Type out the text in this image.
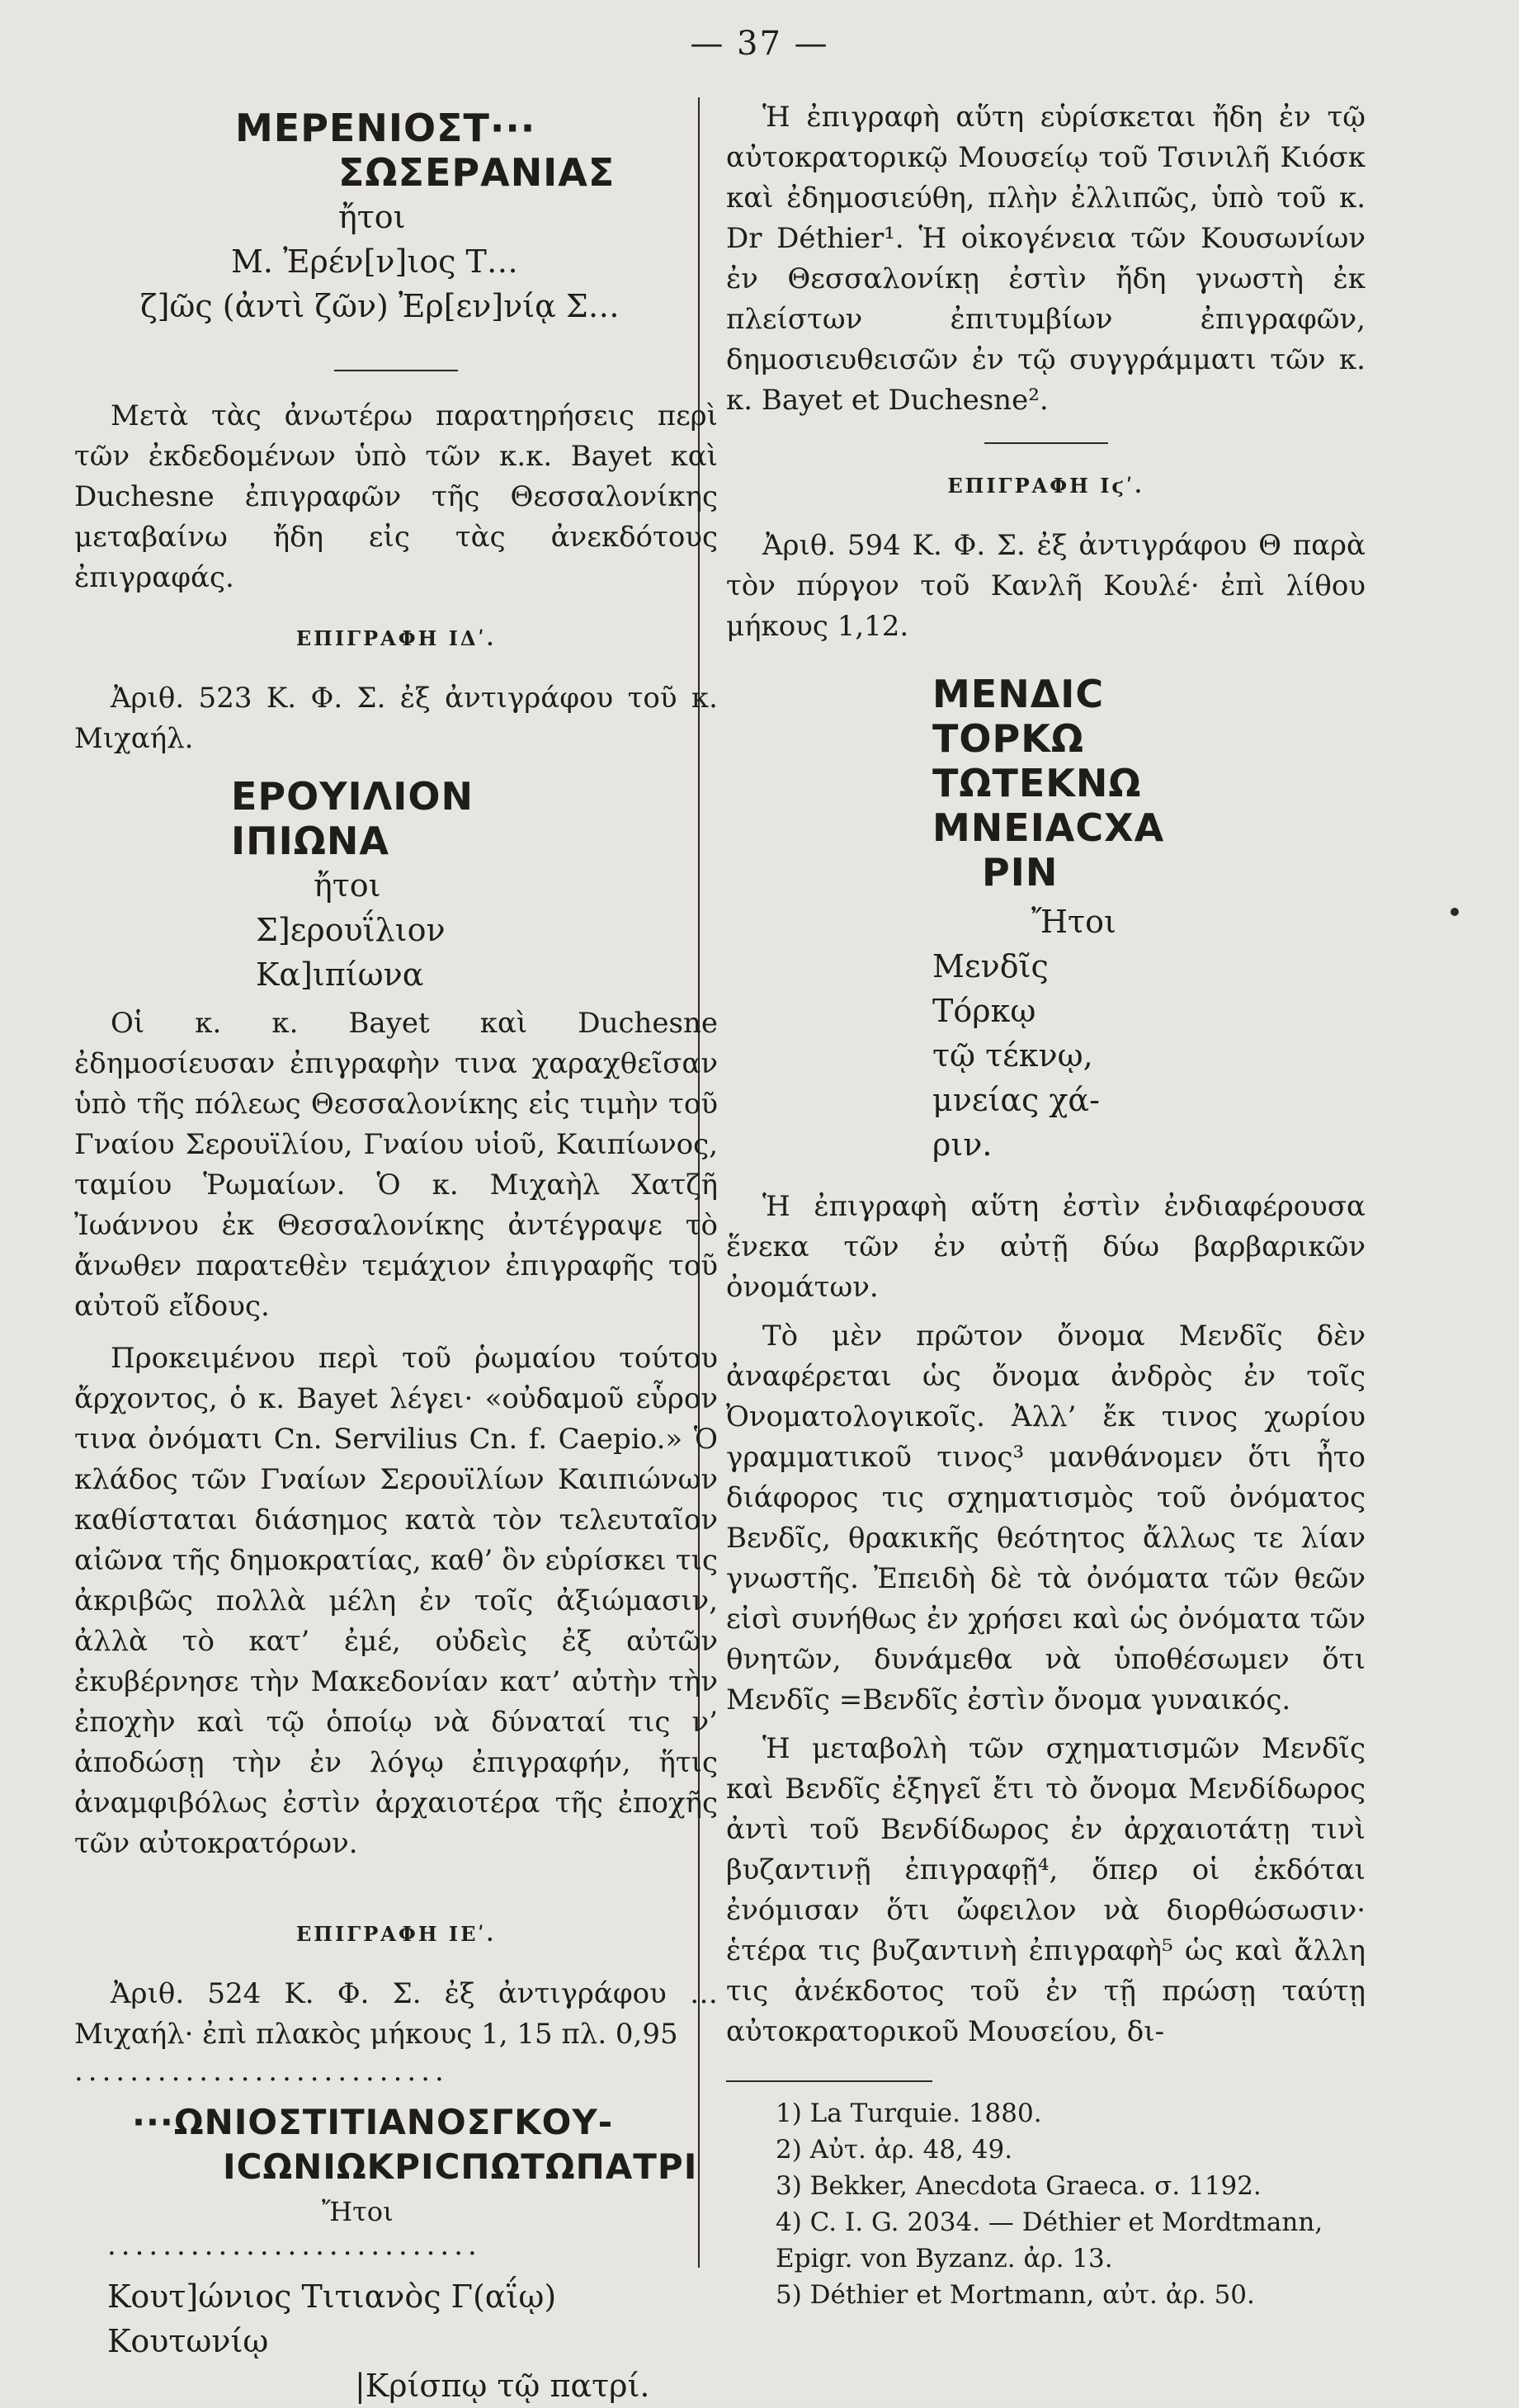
— 37 —
ΜΕΡΕΝΙΟΣΤ···
ΣΩΣΕΡΑΝΙΑΣ
ἤτοι
Μ. Ἐρέν[ν]ιος Τ…
ζ]ῶς (ἀντὶ ζῶν) Ἐρ[εν]νίᾳ Σ…

Μετὰ τὰς ἀνωτέρω παρατηρήσεις περὶ τῶν ἐκδεδομένων ὑπὸ τῶν κ.κ. Bayet καὶ Duchesne ἐπιγραφῶν τῆς Θεσσαλονίκης μεταβαίνω ἤδη εἰς τὰς ἀνεκδότους ἐπιγραφάς.

ΕΠΙΓΡΑΦΗ ΙΔʹ.

Ἀριθ. 523 Κ. Φ. Σ. ἐξ ἀντιγράφου τοῦ κ. Μιχαήλ.

ΕΡΟΥΙΛΙΟΝ
ΙΠΙΩΝΑ
ἤτοι
Σ]ερουΐλιον
Κα]ιπίωνα

Οἱ κ. κ. Bayet καὶ Duchesne ἐδημοσίευσαν ἐπιγραφὴν τινα χαραχθεῖσαν ὑπὸ τῆς πόλεως Θεσσαλονίκης εἰς τιμὴν τοῦ Γναίου Σερουϊλίου, Γναίου υἱοῦ, Καιπίωνος, ταμίου Ῥωμαίων. Ὁ κ. Μιχαὴλ Χατζῆ Ἰωάννου ἐκ Θεσσαλονίκης ἀντέγραψε τὸ ἄνωθεν παρατεθὲν τεμάχιον ἐπιγραφῆς τοῦ αὐτοῦ εἴδους.

Προκειμένου περὶ τοῦ ῥωμαίου τούτου ἄρχοντος, ὁ κ. Bayet λέγει· «οὐδαμοῦ εὗρον τινα ὀνόματι Cn. Servilius Cn. f. Caepio.» Ὁ κλάδος τῶν Γναίων Σερουϊλίων Καιπιώνων καθίσταται διάσημος κατὰ τὸν τελευταῖον αἰῶνα τῆς δημοκρατίας, καθ’ ὃν εὑρίσκει τις ἀκριβῶς πολλὰ μέλη ἐν τοῖς ἀξιώμασιν, ἀλλὰ τὸ κατ’ ἐμέ, οὐδεὶς ἐξ αὐτῶν ἐκυβέρνησε τὴν Μακεδονίαν κατ’ αὐτὴν τὴν ἐποχὴν καὶ τῷ ὁποίῳ νὰ δύναταί τις ν’ ἀποδώσῃ τὴν ἐν λόγῳ ἐπιγραφήν, ἥτις ἀναμφιβόλως ἐστὶν ἀρχαιοτέρα τῆς ἐποχῆς τῶν αὐτοκρατόρων.

ΕΠΙΓΡΑΦΗ ΙΕʹ.

Ἀριθ. 524 Κ. Φ. Σ. ἐξ ἀντιγράφου … Μιχαήλ· ἐπὶ πλακὸς μήκους 1, 15 πλ. 0,95

···························
···ΩΝΙΟΣΤΙΤΙΑΝΟΣΓΚΟΥ-
ΙϹΩΝΙΩΚΡΙϹΠΩΤΩΠΑΤΡΙ
Ἤτοι
···························
Κουτ]ώνιος Τιτιανὸς Γ(αΐῳ) Κουτωνίῳ
|Κρίσπῳ τῷ πατρί.

Ἡ ἐπιγραφὴ αὕτη εὑρίσκεται ἤδη ἐν τῷ αὐτοκρατορικῷ Μουσείῳ τοῦ Τσινιλῆ Κιόσκ καὶ ἐδημοσιεύθη, πλὴν ἐλλιπῶς, ὑπὸ τοῦ κ. Dr Déthier¹. Ἡ οἰκογένεια τῶν Κουσωνίων ἐν Θεσσαλονίκῃ ἐστὶν ἤδη γνωστὴ ἐκ πλείστων ἐπιτυμβίων ἐπιγραφῶν, δημοσιευθεισῶν ἐν τῷ συγγράμματι τῶν κ. κ. Bayet et Duchesne².

ΕΠΙΓΡΑΦΗ Ιϛʹ.

Ἀριθ. 594 Κ. Φ. Σ. ἐξ ἀντιγράφου Θ παρὰ τὸν πύργον τοῦ Κανλῆ Κουλέ· ἐπὶ λίθου μήκους 1,12.

ΜΕΝΔΙϹ
ΤΟΡΚΩ
ΤΩΤΕΚΝΩ
ΜΝΕΙΑϹΧΑ
ΡΙΝ
Ἤτοι
Μενδῖς
Τόρκῳ
τῷ τέκνῳ,
μνείας χά-
ριν.

Ἡ ἐπιγραφὴ αὕτη ἐστὶν ἐνδιαφέρουσα ἕνεκα τῶν ἐν αὐτῇ δύω βαρβαρικῶν ὀνομάτων.

Τὸ μὲν πρῶτον ὄνομα Μενδῖς δὲν ἀναφέρεται ὡς ὄνομα ἀνδρὸς ἐν τοῖς Ὀνοματολογικοῖς. Ἀλλ’ ἔκ τινος χωρίου γραμματικοῦ τινος³ μανθάνομεν ὅτι ἦτο διάφορος τις σχηματισμὸς τοῦ ὀνόματος Βενδῖς, θρακικῆς θεότητος ἄλλως τε λίαν γνωστῆς. Ἐπειδὴ δὲ τὰ ὀνόματα τῶν θεῶν εἰσὶ συνήθως ἐν χρήσει καὶ ὡς ὀνόματα τῶν θνητῶν, δυνάμεθα νὰ ὑποθέσωμεν ὅτι Μενδῖς =Βενδῖς ἐστὶν ὄνομα γυναικός.

Ἡ μεταβολὴ τῶν σχηματισμῶν Μενδῖς καὶ Βενδῖς ἐξηγεῖ ἔτι τὸ ὄνομα Μενδίδωρος ἀντὶ τοῦ Βενδίδωρος ἐν ἀρχαιοτάτῃ τινὶ βυζαντινῇ ἐπιγραφῇ⁴, ὅπερ οἱ ἐκδόται ἐνόμισαν ὅτι ὤφειλον νὰ διορθώσωσιν· ἑτέρα τις βυζαντινὴ ἐπιγραφὴ⁵ ὡς καὶ ἄλλη τις ἀνέκδοτος τοῦ ἐν τῇ πρώσῃ ταύτῃ αὐτοκρατορικοῦ Μουσείου, δι-

1) La Turquie. 1880.
2) Αὐτ. ἀρ. 48, 49.
3) Bekker, Anecdota Graeca. σ. 1192.
4) C. I. G. 2034. — Déthier et Mordtmann, Epigr. von Byzanz. ἀρ. 13.
5) Déthier et Mortmann, αὐτ. ἀρ. 50.
